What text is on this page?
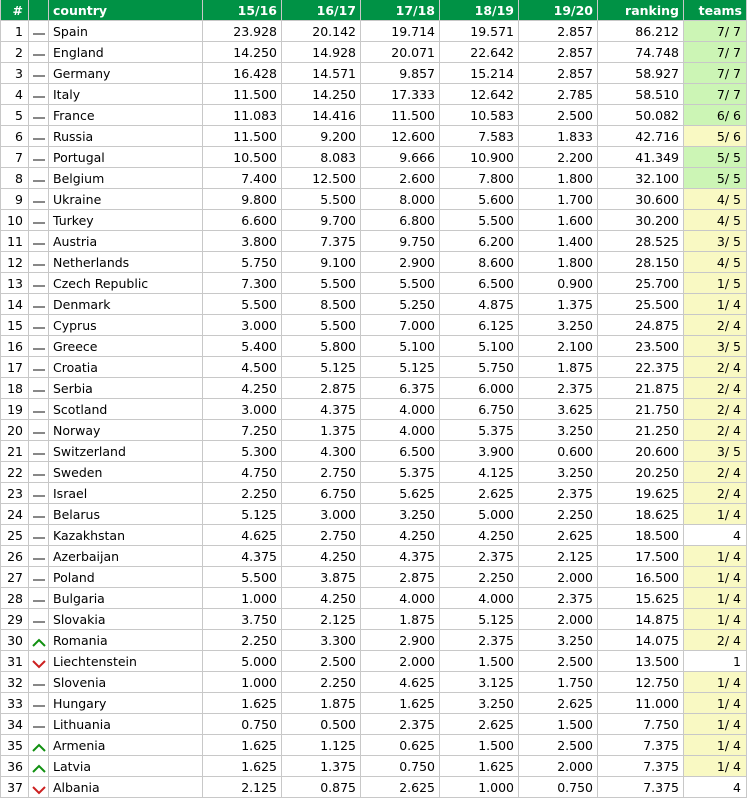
#		country	15/16	16/17	17/18	18/19	19/20	ranking	teams
1		Spain	23.928	20.142	19.714	19.571	2.857	86.212	7/ 7
2		England	14.250	14.928	20.071	22.642	2.857	74.748	7/ 7
3		Germany	16.428	14.571	9.857	15.214	2.857	58.927	7/ 7
4		Italy	11.500	14.250	17.333	12.642	2.785	58.510	7/ 7
5		France	11.083	14.416	11.500	10.583	2.500	50.082	6/ 6
6		Russia	11.500	9.200	12.600	7.583	1.833	42.716	5/ 6
7		Portugal	10.500	8.083	9.666	10.900	2.200	41.349	5/ 5
8		Belgium	7.400	12.500	2.600	7.800	1.800	32.100	5/ 5
9		Ukraine	9.800	5.500	8.000	5.600	1.700	30.600	4/ 5
10		Turkey	6.600	9.700	6.800	5.500	1.600	30.200	4/ 5
11		Austria	3.800	7.375	9.750	6.200	1.400	28.525	3/ 5
12		Netherlands	5.750	9.100	2.900	8.600	1.800	28.150	4/ 5
13		Czech Republic	7.300	5.500	5.500	6.500	0.900	25.700	1/ 5
14		Denmark	5.500	8.500	5.250	4.875	1.375	25.500	1/ 4
15		Cyprus	3.000	5.500	7.000	6.125	3.250	24.875	2/ 4
16		Greece	5.400	5.800	5.100	5.100	2.100	23.500	3/ 5
17		Croatia	4.500	5.125	5.125	5.750	1.875	22.375	2/ 4
18		Serbia	4.250	2.875	6.375	6.000	2.375	21.875	2/ 4
19		Scotland	3.000	4.375	4.000	6.750	3.625	21.750	2/ 4
20		Norway	7.250	1.375	4.000	5.375	3.250	21.250	2/ 4
21		Switzerland	5.300	4.300	6.500	3.900	0.600	20.600	3/ 5
22		Sweden	4.750	2.750	5.375	4.125	3.250	20.250	2/ 4
23		Israel	2.250	6.750	5.625	2.625	2.375	19.625	2/ 4
24		Belarus	5.125	3.000	3.250	5.000	2.250	18.625	1/ 4
25		Kazakhstan	4.625	2.750	4.250	4.250	2.625	18.500	4
26		Azerbaijan	4.375	4.250	4.375	2.375	2.125	17.500	1/ 4
27		Poland	5.500	3.875	2.875	2.250	2.000	16.500	1/ 4
28		Bulgaria	1.000	4.250	4.000	4.000	2.375	15.625	1/ 4
29		Slovakia	3.750	2.125	1.875	5.125	2.000	14.875	1/ 4
30		Romania	2.250	3.300	2.900	2.375	3.250	14.075	2/ 4
31		Liechtenstein	5.000	2.500	2.000	1.500	2.500	13.500	1
32		Slovenia	1.000	2.250	4.625	3.125	1.750	12.750	1/ 4
33		Hungary	1.625	1.875	1.625	3.250	2.625	11.000	1/ 4
34		Lithuania	0.750	0.500	2.375	2.625	1.500	7.750	1/ 4
35		Armenia	1.625	1.125	0.625	1.500	2.500	7.375	1/ 4
36		Latvia	1.625	1.375	0.750	1.625	2.000	7.375	1/ 4
37		Albania	2.125	0.875	2.625	1.000	0.750	7.375	4
